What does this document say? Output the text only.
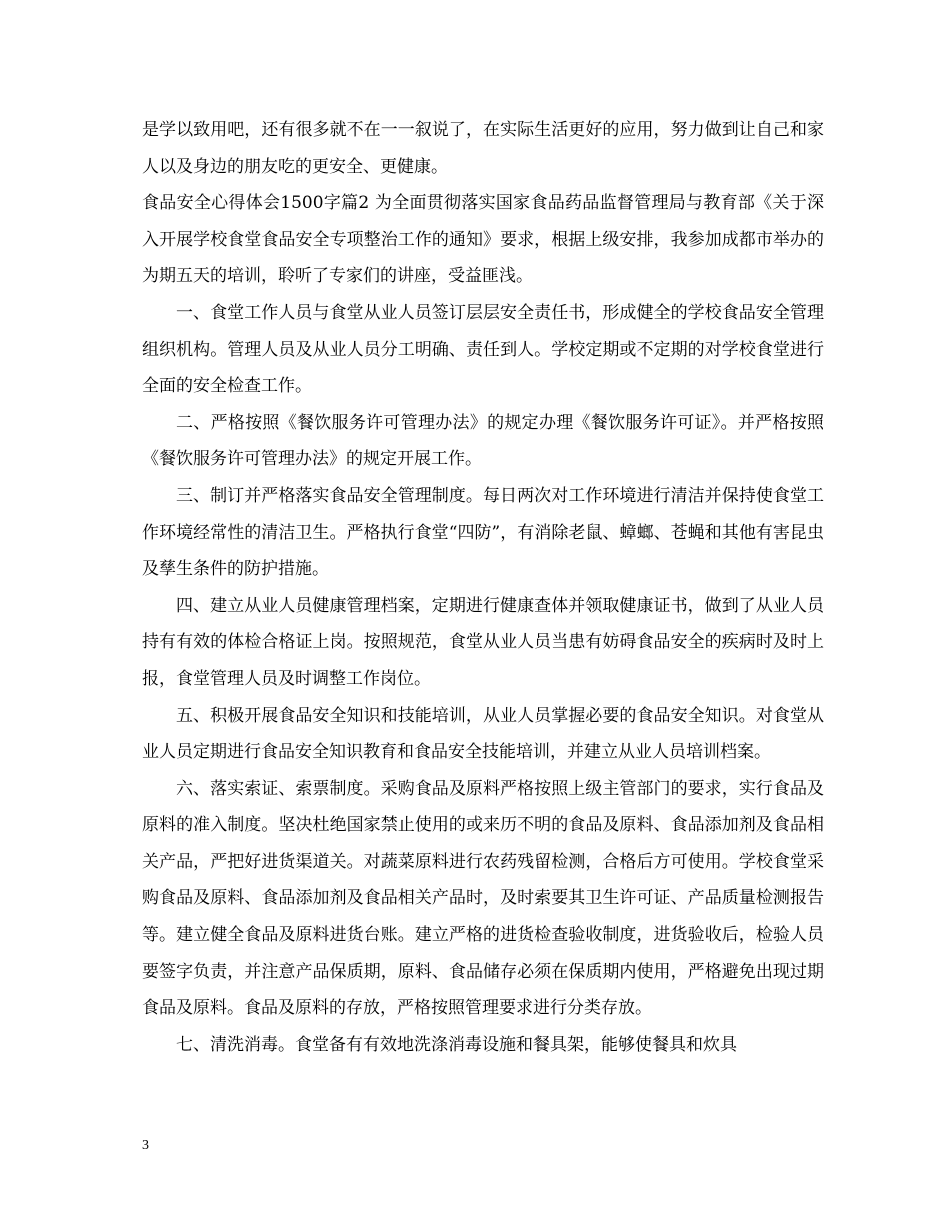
是学以致用吧，还有很多就不在一一叙说了，在实际生活更好的应用，努力做到让自己和家人以及身边的朋友吃的更安全、更健康。

食品安全心得体会1500字篇2 为全面贯彻落实国家食品药品监督管理局与教育部《关于深入开展学校食堂食品安全专项整治工作的通知》要求，根据上级安排，我参加成都市举办的为期五天的培训，聆听了专家们的讲座，受益匪浅。

一、食堂工作人员与食堂从业人员签订层层安全责任书，形成健全的学校食品安全管理组织机构。管理人员及从业人员分工明确、责任到人。学校定期或不定期的对学校食堂进行全面的安全检查工作。

二、严格按照《餐饮服务许可管理办法》的规定办理《餐饮服务许可证》。并严格按照《餐饮服务许可管理办法》的规定开展工作。

三、制订并严格落实食品安全管理制度。每日两次对工作环境进行清洁并保持使食堂工作环境经常性的清洁卫生。严格执行食堂“四防”，有消除老鼠、蟑螂、苍蝇和其他有害昆虫及孳生条件的防护措施。

四、建立从业人员健康管理档案，定期进行健康查体并领取健康证书，做到了从业人员持有有效的体检合格证上岗。按照规范，食堂从业人员当患有妨碍食品安全的疾病时及时上报，食堂管理人员及时调整工作岗位。

五、积极开展食品安全知识和技能培训，从业人员掌握必要的食品安全知识。对食堂从业人员定期进行食品安全知识教育和食品安全技能培训，并建立从业人员培训档案。

六、落实索证、索票制度。采购食品及原料严格按照上级主管部门的要求，实行食品及原料的准入制度。坚决杜绝国家禁止使用的或来历不明的食品及原料、食品添加剂及食品相关产品，严把好进货渠道关。对蔬菜原料进行农药残留检测，合格后方可使用。学校食堂采购食品及原料、食品添加剂及食品相关产品时，及时索要其卫生许可证、产品质量检测报告等。建立健全食品及原料进货台账。建立严格的进货检查验收制度，进货验收后，检验人员要签字负责，并注意产品保质期，原料、食品储存必须在保质期内使用，严格避免出现过期食品及原料。食品及原料的存放，严格按照管理要求进行分类存放。

七、清洗消毒。食堂备有有效地洗涤消毒设施和餐具架，能够使餐具和炊具

3
